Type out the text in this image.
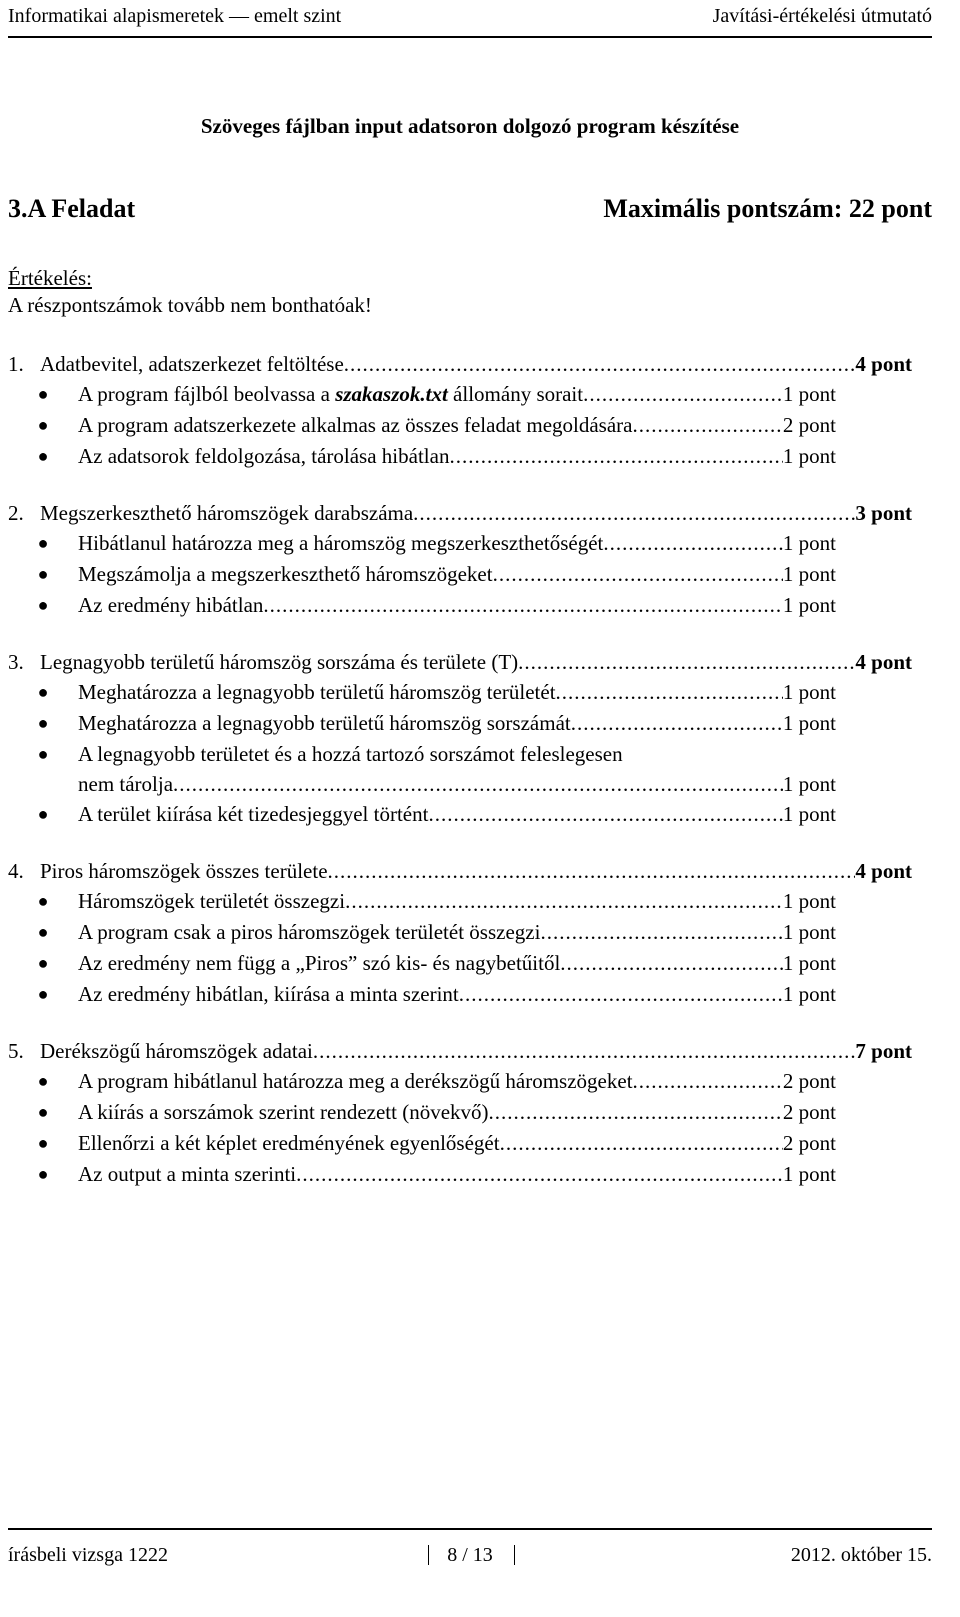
Informatikai alapismeretek — emelt szint	Javítási-értékelési útmutató
Szöveges fájlban input adatsoron dolgozó program készítése
3.A Feladat	Maximális pontszám: 22 pont
Értékelés:
A részpontszámok tovább nem bonthatóak!
1. Adatbevitel, adatszerkezet feltöltése .....	4 pont
●	A program fájlból beolvassa a szakaszok.txt állomány sorait .....	1 pont
●	A program adatszerkezete alkalmas az összes feladat megoldására .....	2 pont
●	Az adatsorok feldolgozása, tárolása hibátlan .....	1 pont
2. Megszerkeszthető háromszögek darabszáma .....	3 pont
●	Hibátlanul határozza meg a háromszög megszerkeszthetőségét .....	1 pont
●	Megszámolja a megszerkeszthető háromszögeket .....	1 pont
●	Az eredmény hibátlan .....	1 pont
3. Legnagyobb területű háromszög sorszáma és területe (T) .....	4 pont
●	Meghatározza a legnagyobb területű háromszög területét .....	1 pont
●	Meghatározza a legnagyobb területű háromszög sorszámát .....	1 pont
●	A legnagyobb területet és a hozzá tartozó sorszámot feleslegesen
nem tárolja .....	1 pont
●	A terület kiírása két tizedesjeggyel történt .....	1 pont
4. Piros háromszögek összes területe .....	4 pont
●	Háromszögek területét összegzi .....	1 pont
●	A program csak a piros háromszögek területét összegzi .....	1 pont
●	Az eredmény nem függ a „Piros” szó kis- és nagybetűitől .....	1 pont
●	Az eredmény hibátlan, kiírása a minta szerint .....	1 pont
5. Derékszögű háromszögek adatai .....	7 pont
●	A program hibátlanul határozza meg a derékszögű háromszögeket .....	2 pont
●	A kiírás a sorszámok szerint rendezett (növekvő) .....	2 pont
●	Ellenőrzi a két képlet eredményének egyenlőségét .....	2 pont
●	Az output a minta szerinti .....	1 pont
írásbeli vizsga 1222	8 / 13	2012. október 15.
